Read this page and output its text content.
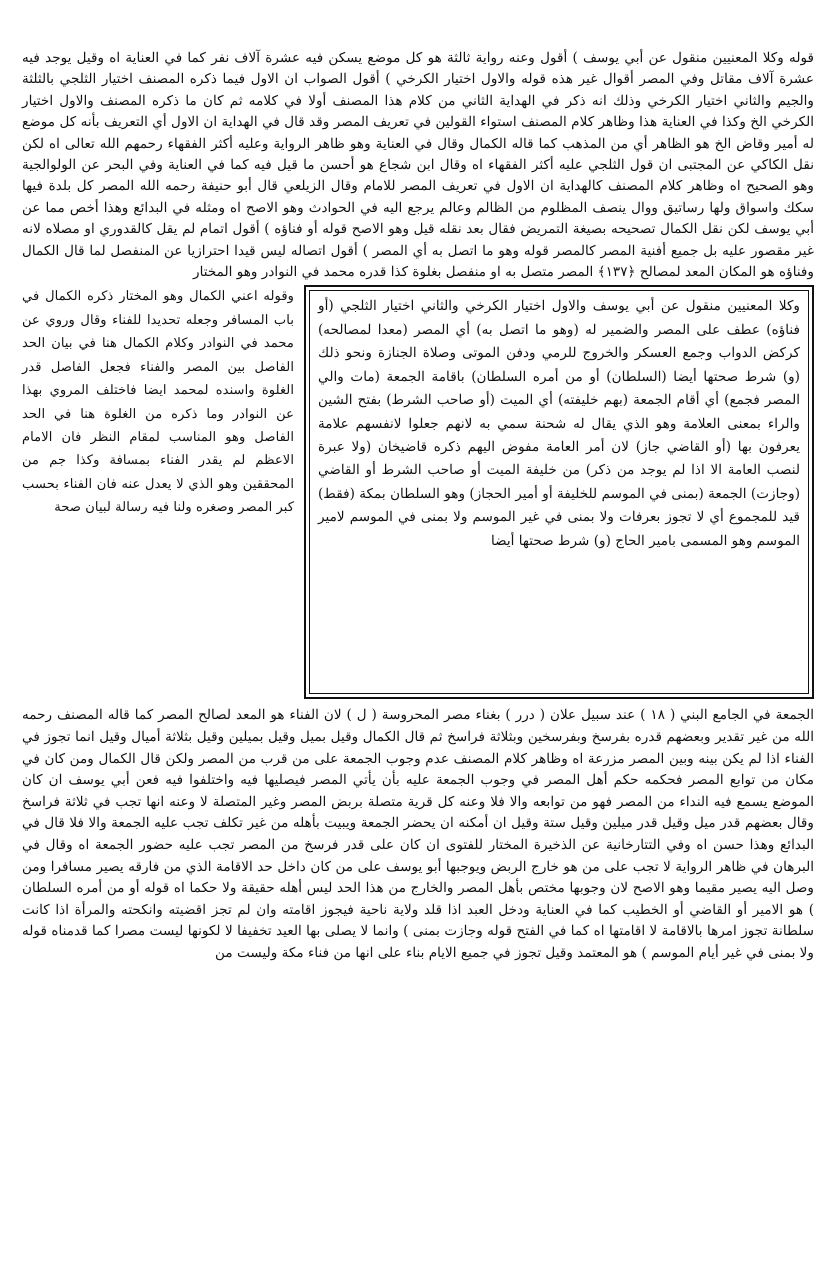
قوله وكلا المعنيين منقول عن أبي يوسف ) أقول وعنه رواية ثالثة هو كل موضع يسكن فيه عشرة آلاف نفر كما في العناية اه وقيل يوجد فيه عشرة آلاف مقاتل وفي المصر أقوال غير هذه قوله والاول اختيار الكرخي ) أقول الصواب ان الاول فيما ذكره المصنف اختيار الثلجي بالثلثة والجيم والثاني اختيار الكرخي وذلك انه ذكر في الهداية الثاني من كلام هذا المصنف أولا في كلامه ثم كان ما ذكره المصنف والاول اختيار الكرخي الخ وكذا في العناية هذا وظاهر كلام المصنف استواء القولين في تعريف المصر وقد قال في الهداية ان الاول أي التعريف بأنه كل موضع له أمير وقاض الخ هو الظاهر أي من المذهب كما قاله الكمال وقال في العناية وهو ظاهر الرواية وعليه أكثر الفقهاء رحمهم الله تعالى اه لكن نقل الكاكي عن المجتبى ان قول الثلجي عليه أكثر الفقهاء اه وقال ابن شجاع هو أحسن ما قيل فيه كما في العناية وفي البحر عن الولوالجية وهو الصحيح اه وظاهر كلام المصنف كالهداية ان الاول في تعريف المصر للامام وقال الزيلعي قال أبو حنيفة رحمه الله المصر كل بلدة فيها سكك واسواق ولها رساتيق ووال ينصف المظلوم من الظالم وعالم يرجع اليه في الحوادث وهو الاصح اه ومثله في البدائع وهذا أخص مما عن أبي يوسف لكن نقل الكمال تصحيحه بصيغة التمريض فقال بعد نقله قيل وهو الاصح قوله أو فناؤه ) أقول اتمام لم يقل كالقدوري او مصلاه لانه غير مقصور عليه بل جميع أفنية المصر كالمصر قوله وهو ما اتصل به أي المصر ) أقول اتصاله ليس قيدا احترازيا عن المنفصل لما قال الكمال وفناؤه هو المكان المعد لمصالح ﴿١٣٧﴾ المصر متصل به او منفصل بغلوة كذا قدره محمد في النوادر وهو المختار

وكلا المعنيين منقول عن أبي يوسف والاول اختيار الكرخي والثاني اختيار الثلجي (أو فناؤه) عطف على المصر والضمير له (وهو ما اتصل به) أي المصر (معدا لمصالحه) كركض الدواب وجمع العسكر والخروج للرمي ودفن الموتى وصلاة الجنازة ونحو ذلك (و) شرط صحتها أيضا (السلطان) أو من أمره السلطان) باقامة الجمعة (مات والي المصر فجمع) أي أقام الجمعة (بهم خليفته) أي الميت (أو صاحب الشرط) بفتح الشين والراء بمعنى العلامة وهو الذي يقال له شحنة سمي به لانهم جعلوا لانفسهم علامة يعرفون بها (أو القاضي جاز) لان أمر العامة مفوض اليهم ذكره قاضيخان (ولا عبرة لنصب العامة الا اذا لم يوجد من ذكر) من خليفة الميت أو صاحب الشرط أو القاضي (وجازت) الجمعة (بمنى في الموسم للخليفة أو أمير الحجاز) وهو السلطان بمكة (فقط) قيد للمجموع أي لا تجوز بعرفات ولا بمنى في غير الموسم ولا بمنى في الموسم لامير الموسم وهو المسمى بامير الحاج (و) شرط صحتها أيضا
وقوله اعني الكمال وهو المختار ذكره الكمال في باب المسافر وجعله تحديدا للفناء وقال وروي عن محمد في النوادر وكلام الكمال هنا في بيان الحد الفاصل بين المصر والفناء فجعل الفاصل قدر الغلوة واسنده لمحمد ايضا فاختلف المروي بهذا عن النوادر وما ذكره من الغلوة هنا في الحد الفاصل وهو المناسب لمقام النظر فان الامام الاعظم لم يقدر الفناء بمسافة وكذا جم من المحققين وهو الذي لا يعدل عنه فان الفناء بحسب كبر المصر وصغره ولنا فيه رسالة لبيان صحة

الجمعة في الجامع البني ( ١٨ ) عند سبيل علان ( درر ) بغناء مصر المحروسة ( ل ) لان الفناء هو المعد لصالح المصر كما قاله المصنف رحمه الله من غير تقدير وبعضهم قدره بفرسخ وبفرسخين وبثلاثة فراسخ ثم قال الكمال وقيل بميل وقيل بميلين وقيل بثلاثة أميال وقيل انما تجوز في الفناء اذا لم يكن بينه وبين المصر مزرعة اه وظاهر كلام المصنف عدم وجوب الجمعة على من قرب من المصر ولكن قال الكمال ومن كان في مكان من توابع المصر فحكمه حكم أهل المصر في وجوب الجمعة عليه بأن يأتي المصر فيصليها فيه واختلفوا فيه فعن أبي يوسف ان كان الموضع يسمع فيه النداء من المصر فهو من توابعه والا فلا وعنه كل قرية متصلة بربض المصر وغير المتصلة لا وعنه انها تجب في ثلاثة فراسخ وقال بعضهم قدر ميل وقيل قدر ميلين وقيل ستة وقيل ان أمكنه ان يحضر الجمعة ويبيت بأهله من غير تكلف تجب عليه الجمعة والا فلا قال في البدائع وهذا حسن اه وفي التتارخانية عن الذخيرة المختار للفتوى ان كان على قدر فرسخ من المصر تجب عليه حضور الجمعة اه وقال في البرهان في ظاهر الرواية لا تجب على من هو خارج الربض ويوجبها أبو يوسف على من كان داخل حد الاقامة الذي من فارقه يصير مسافرا ومن وصل اليه يصير مقيما وهو الاصح لان وجوبها مختص بأهل المصر والخارج من هذا الحد ليس أهله حقيقة ولا حكما اه قوله أو من أمره السلطان ) هو الامير أو القاضي أو الخطيب كما في العناية ودخل العبد اذا قلد ولاية ناحية فيجوز اقامته وان لم تجز اقضيته وانكحته والمرأة اذا كانت سلطانة تجوز امرها بالاقامة لا اقامتها اه كما في الفتح قوله وجازت بمنى ) وانما لا يصلى بها العيد تخفيفا لا لكونها ليست مصرا كما قدمناه قوله ولا بمنى في غير أيام الموسم ) هو المعتمد وقيل تجوز في جميع الايام بناء على انها من فناء مكة وليست من
